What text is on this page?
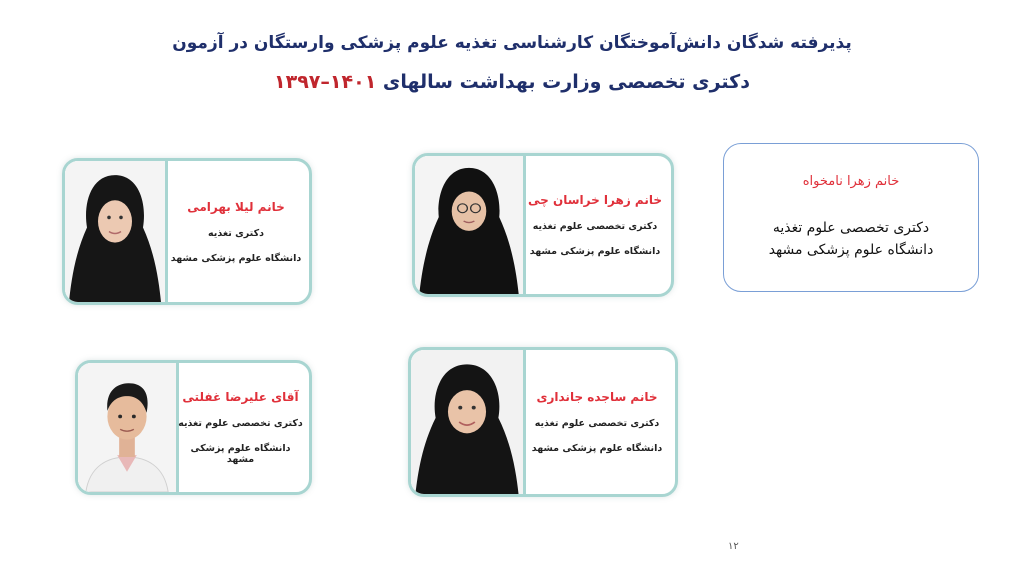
پذیرفته شدگان دانش‌آموختگان کارشناسی تغذیه علوم پزشکی وارستگان در آزمون
دکتری تخصصی وزارت بهداشت سالهای ۱۴۰۱–۱۳۹۷
خانم زهرا نامخواه
دکتری تخصصی علوم تغذیه
دانشگاه علوم پزشکی مشهد
خانم زهرا خراسان چی
دکتری تخصصی علوم تغذیه
دانشگاه علوم پزشکی مشهد
خانم لیلا بهرامی
دکتری تغذیه
دانشگاه علوم پزشکی مشهد
خانم ساجده جانداری
دکتری تخصصی علوم تغذیه
دانشگاه علوم پزشکی مشهد
آقای علیرضا غفلتی
دکتری تخصصی علوم تغذیه
دانشگاه علوم پزشکی مشهد
۱۲
